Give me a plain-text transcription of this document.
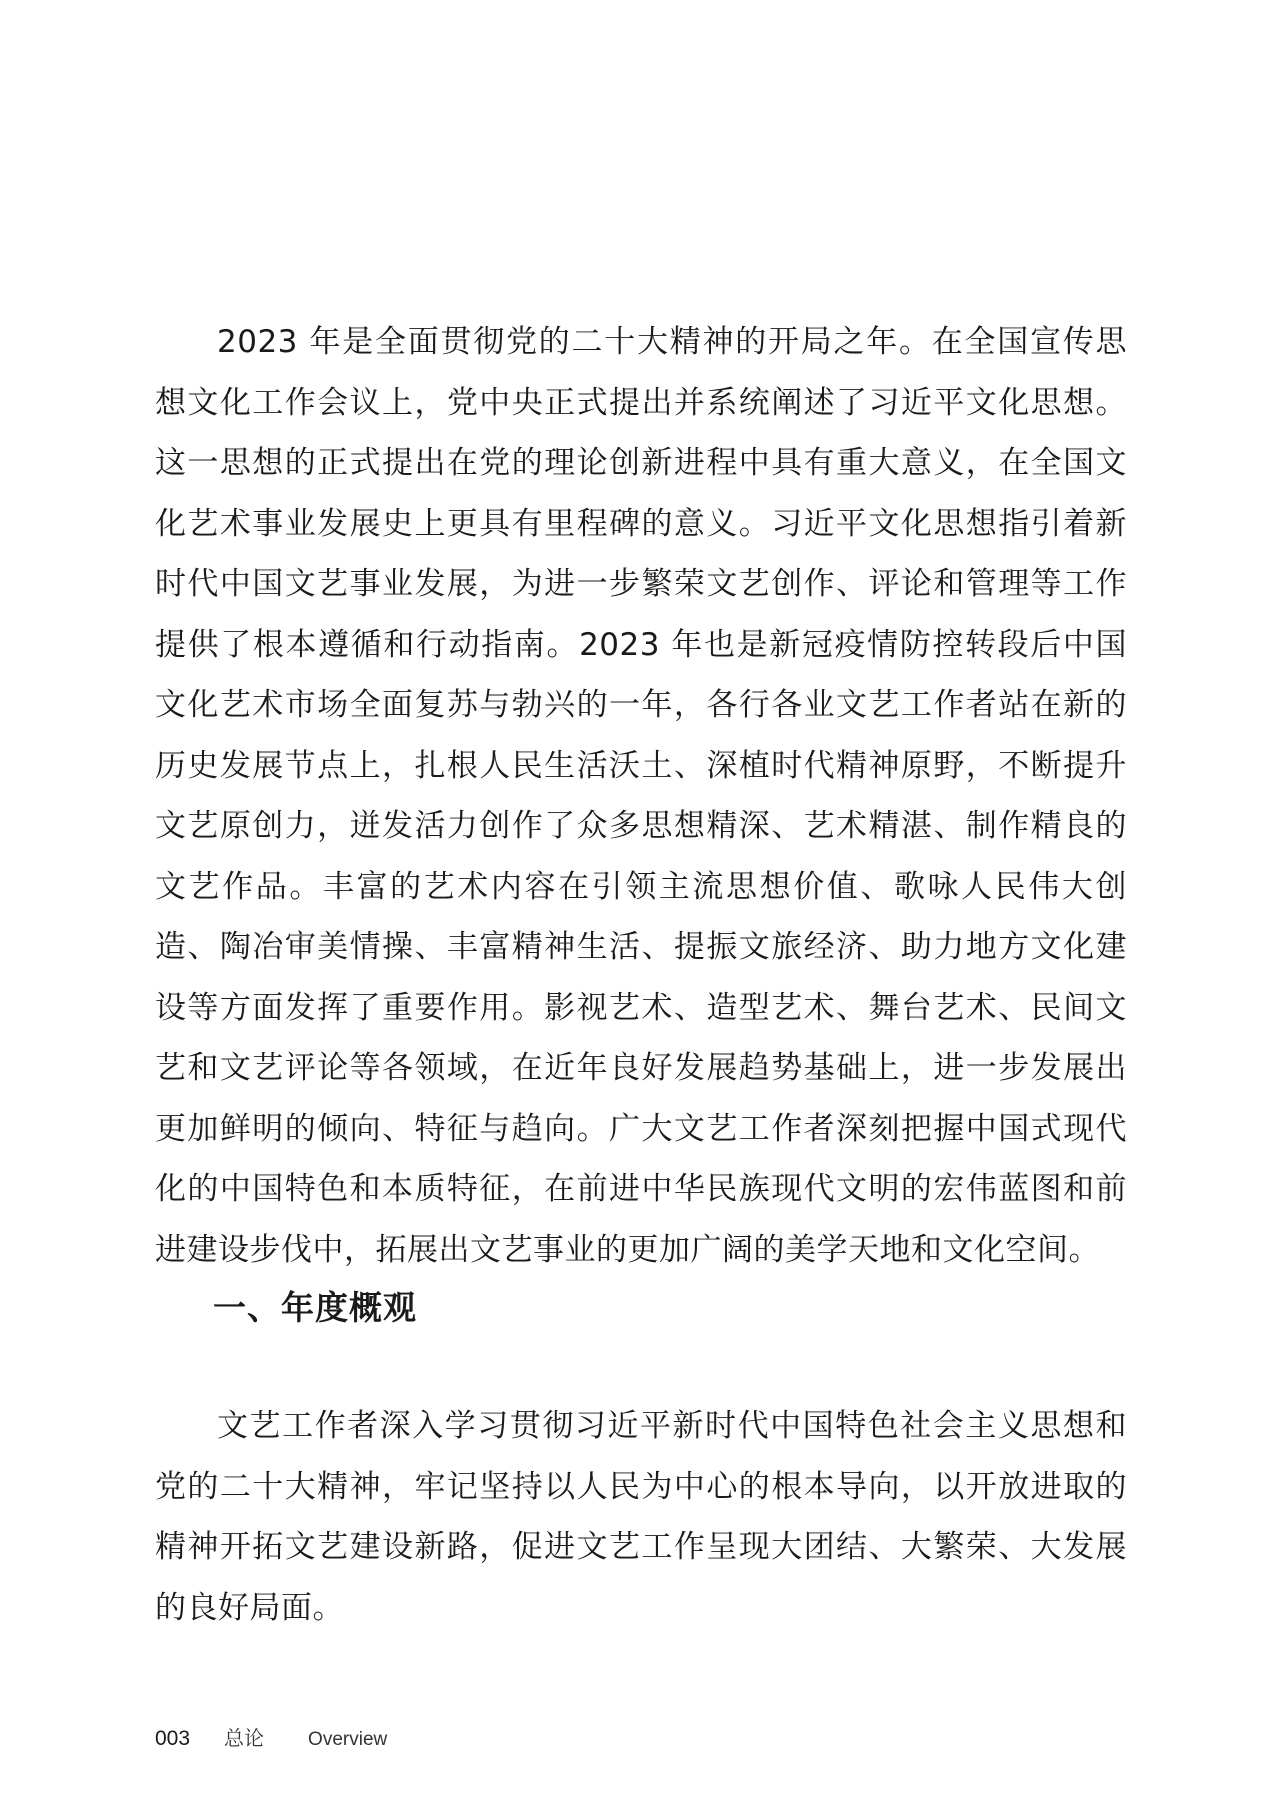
2023 年是全面贯彻党的二十大精神的开局之年。在全国宣传思想文化工作会议上，党中央正式提出并系统阐述了习近平文化思想。这一思想的正式提出在党的理论创新进程中具有重大意义，在全国文化艺术事业发展史上更具有里程碑的意义。习近平文化思想指引着新时代中国文艺事业发展，为进一步繁荣文艺创作、评论和管理等工作提供了根本遵循和行动指南。2023 年也是新冠疫情防控转段后中国文化艺术市场全面复苏与勃兴的一年，各行各业文艺工作者站在新的历史发展节点上，扎根人民生活沃土、深植时代精神原野，不断提升文艺原创力，迸发活力创作了众多思想精深、艺术精湛、制作精良的文艺作品。丰富的艺术内容在引领主流思想价值、歌咏人民伟大创造、陶冶审美情操、丰富精神生活、提振文旅经济、助力地方文化建设等方面发挥了重要作用。影视艺术、造型艺术、舞台艺术、民间文艺和文艺评论等各领域，在近年良好发展趋势基础上，进一步发展出更加鲜明的倾向、特征与趋向。广大文艺工作者深刻把握中国式现代化的中国特色和本质特征，在前进中华民族现代文明的宏伟蓝图和前进建设步伐中，拓展出文艺事业的更加广阔的美学天地和文化空间。

一、年度概观

文艺工作者深入学习贯彻习近平新时代中国特色社会主义思想和党的二十大精神，牢记坚持以人民为中心的根本导向，以开放进取的精神开拓文艺建设新路，促进文艺工作呈现大团结、大繁荣、大发展的良好局面。

003 总论 Overview
